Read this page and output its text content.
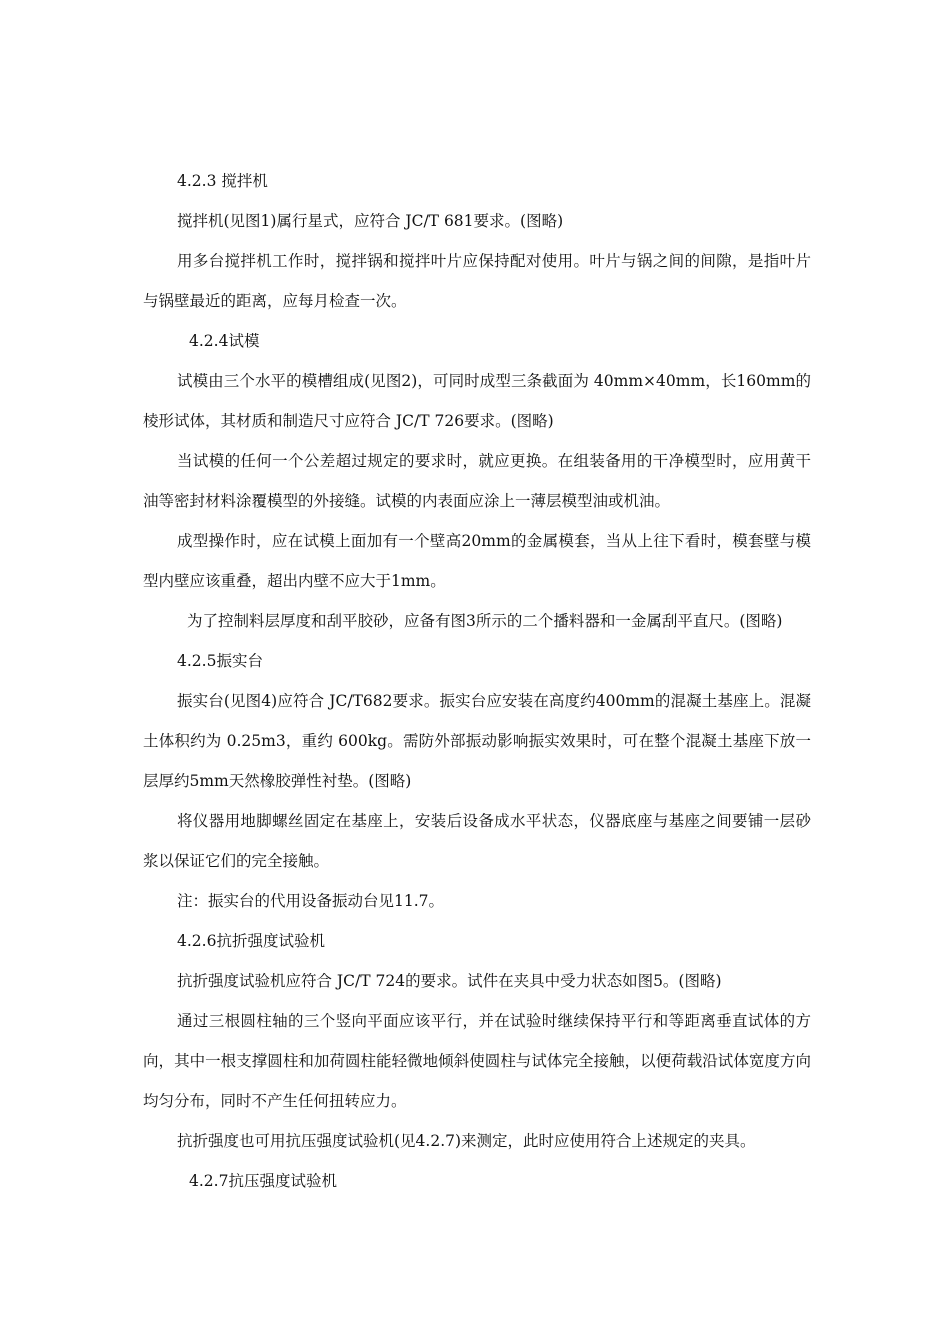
4.2.3 搅拌机

搅拌机(见图1)属行星式，应符合 JC/T 681要求。(图略)

用多台搅拌机工作时，搅拌锅和搅拌叶片应保持配对使用。叶片与锅之间的间隙，是指叶片与锅壁最近的距离，应每月检查一次。

4.2.4试模

试模由三个水平的模槽组成(见图2)，可同时成型三条截面为 40mm×40mm，长160mm的棱形试体，其材质和制造尺寸应符合 JC/T 726要求。(图略)

当试模的任何一个公差超过规定的要求时，就应更换。在组装备用的干净模型时，应用黄干油等密封材料涂覆模型的外接缝。试模的内表面应涂上一薄层模型油或机油。

成型操作时，应在试模上面加有一个壁高20mm的金属模套，当从上往下看时，模套壁与模型内壁应该重叠，超出内壁不应大于1mm。

为了控制料层厚度和刮平胶砂，应备有图3所示的二个播料器和一金属刮平直尺。(图略)

4.2.5振实台

振实台(见图4)应符合 JC/T682要求。振实台应安装在高度约400mm的混凝土基座上。混凝土体积约为 0.25m3，重约 600kg。需防外部振动影响振实效果时，可在整个混凝土基座下放一层厚约5mm天然橡胶弹性衬垫。(图略)

将仪器用地脚螺丝固定在基座上，安装后设备成水平状态，仪器底座与基座之间要铺一层砂浆以保证它们的完全接触。

注：振实台的代用设备振动台见11.7。

4.2.6抗折强度试验机

抗折强度试验机应符合 JC/T 724的要求。试件在夹具中受力状态如图5。(图略)

通过三根圆柱轴的三个竖向平面应该平行，并在试验时继续保持平行和等距离垂直试体的方向，其中一根支撑圆柱和加荷圆柱能轻微地倾斜使圆柱与试体完全接触，以便荷载沿试体宽度方向均匀分布，同时不产生任何扭转应力。

抗折强度也可用抗压强度试验机(见4.2.7)来测定，此时应使用符合上述规定的夹具。

4.2.7抗压强度试验机
